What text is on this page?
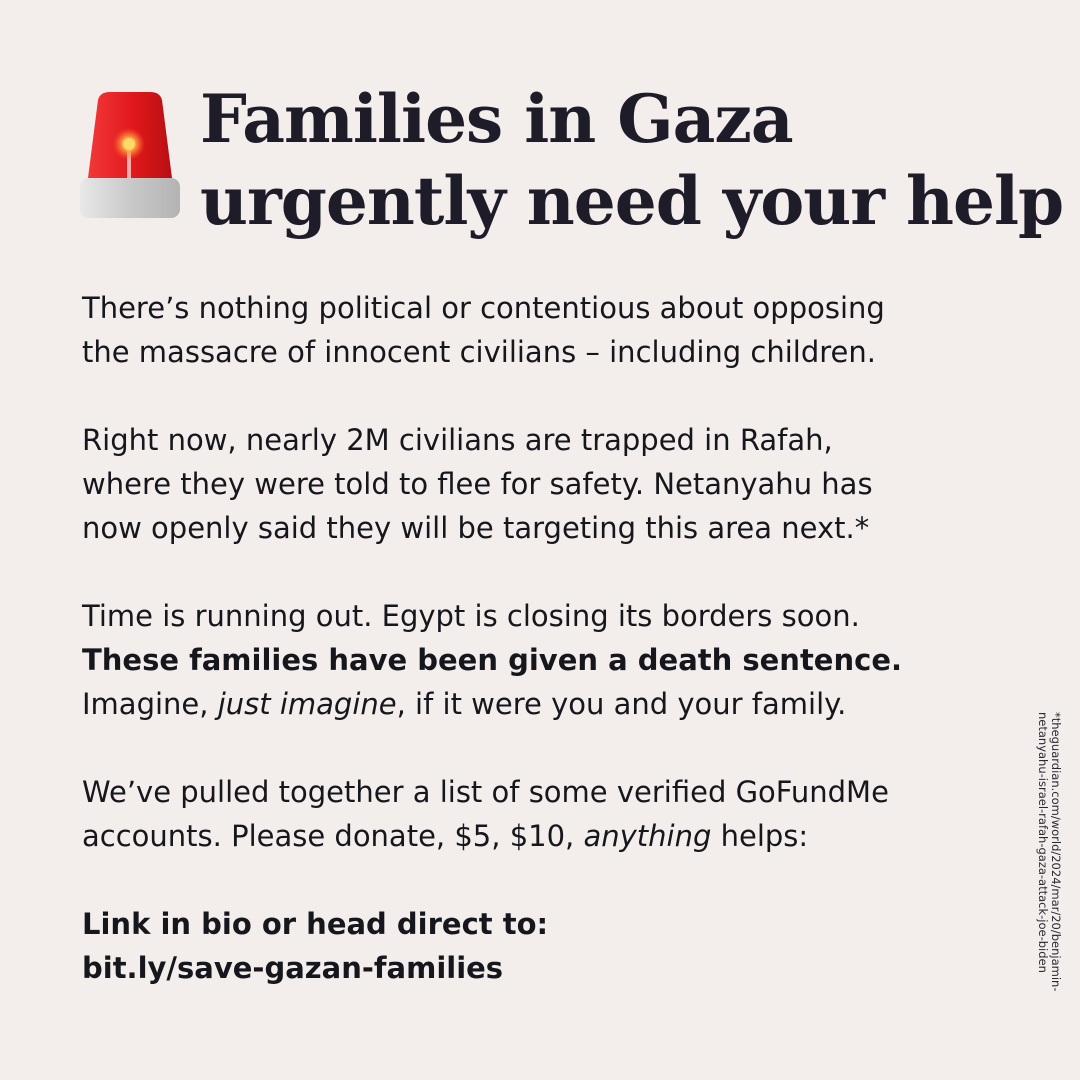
Families in Gaza
urgently need your help

There’s nothing political or contentious about opposing
the massacre of innocent civilians – including children.

Right now, nearly 2M civilians are trapped in Rafah,
where they were told to flee for safety. Netanyahu has
now openly said they will be targeting this area next.*

Time is running out. Egypt is closing its borders soon.
These families have been given a death sentence.
Imagine, just imagine, if it were you and your family.

We’ve pulled together a list of some verified GoFundMe
accounts. Please donate, $5, $10, anything helps:

Link in bio or head direct to:
bit.ly/save-gazan-families	*theguardian.com/world/2024/mar/20/benjamin-
netanyahu-israel-rafah-gaza-attack-joe-biden
